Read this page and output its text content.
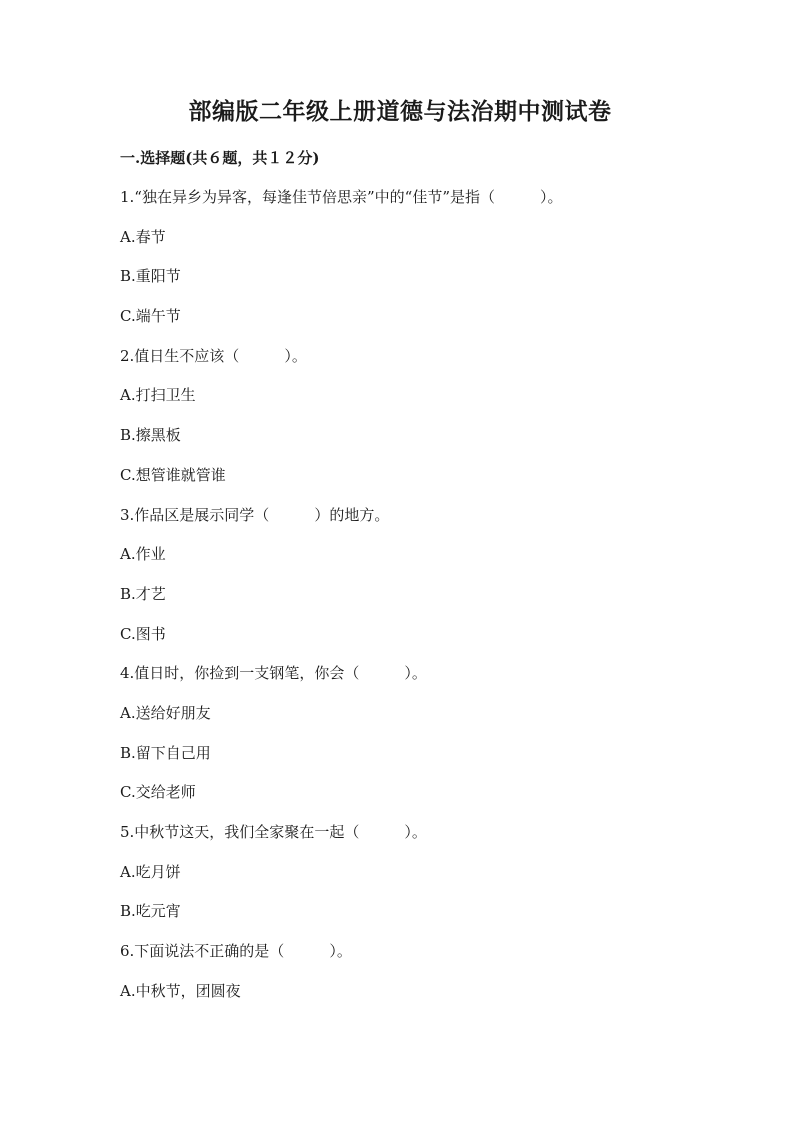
部编版二年级上册道德与法治期中测试卷
一.选择题(共６题，共１２分)
1.“独在异乡为异客，每逢佳节倍思亲”中的“佳节”是指（　　　）。
A.春节
B.重阳节
C.端午节
2.值日生不应该（　　　）。
A.打扫卫生
B.擦黑板
C.想管谁就管谁
3.作品区是展示同学（　　　）的地方。
A.作业
B.才艺
C.图书
4.值日时，你捡到一支钢笔，你会（　　　）。
A.送给好朋友
B.留下自己用
C.交给老师
5.中秋节这天，我们全家聚在一起（　　　）。
A.吃月饼
B.吃元宵
6.下面说法不正确的是（　　　）。
A.中秋节，团圆夜
